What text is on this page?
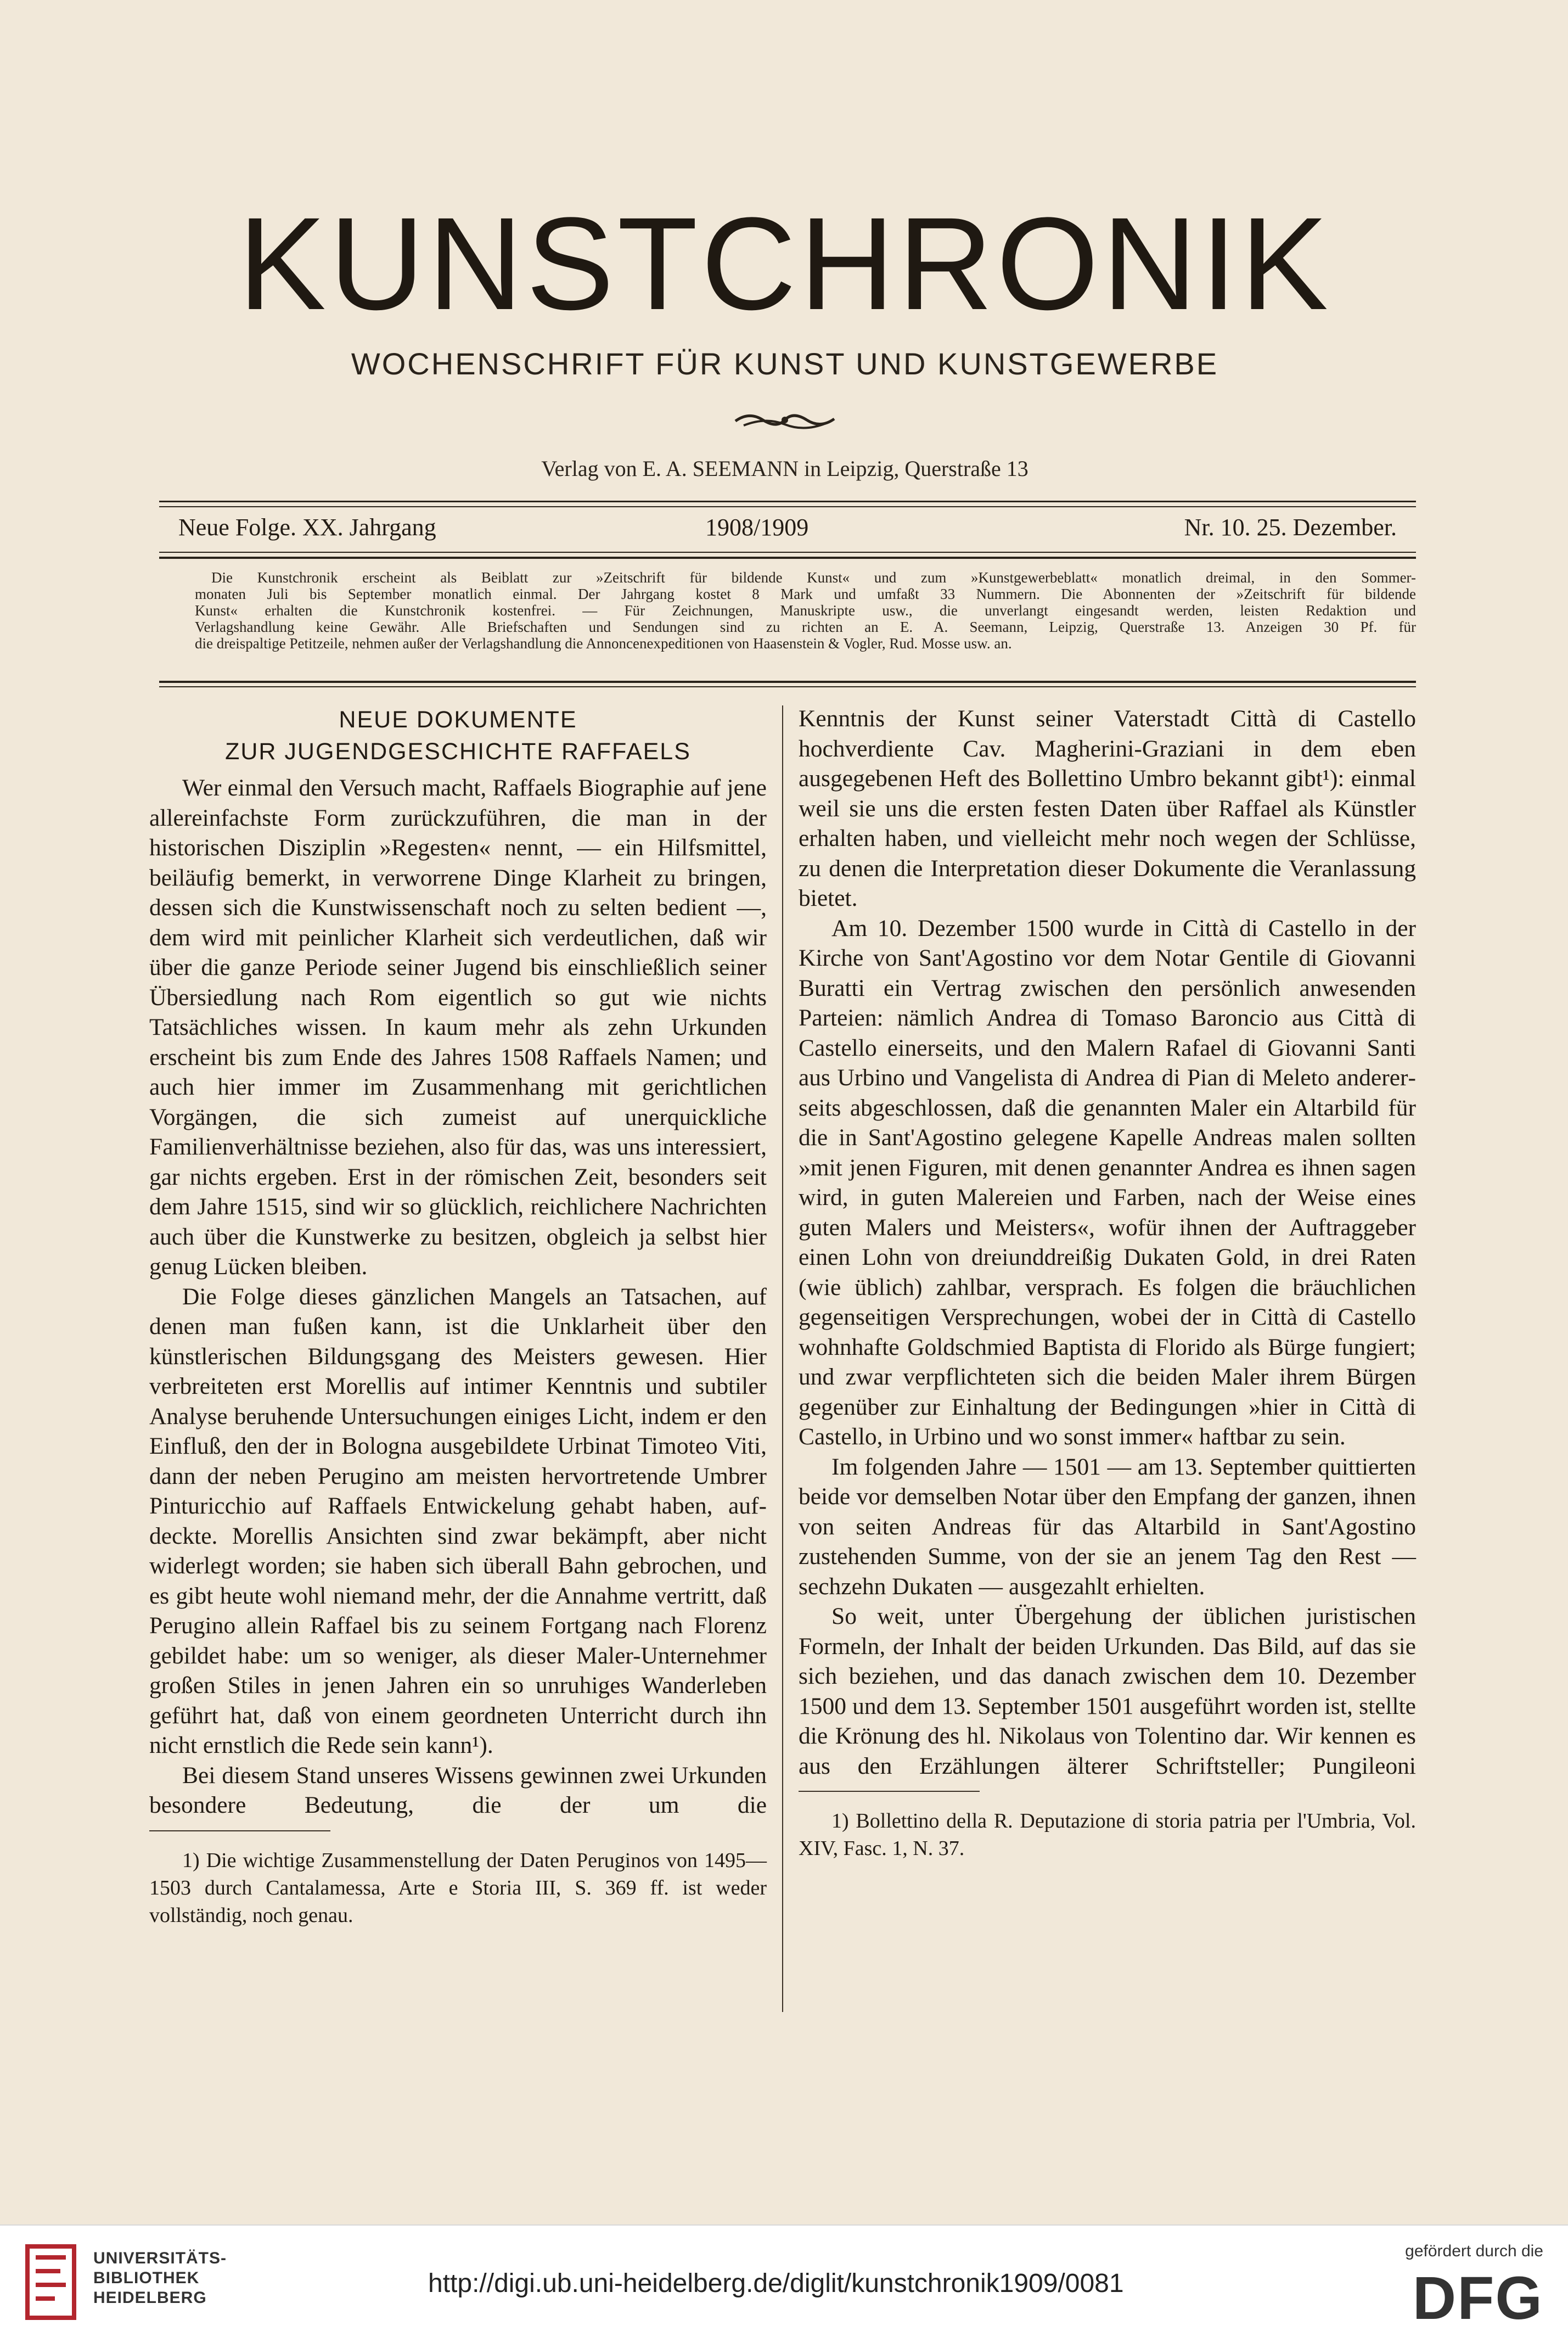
KUNSTCHRONIK
WOCHENSCHRIFT FÜR KUNST UND KUNSTGEWERBE
Verlag von E. A. SEEMANN in Leipzig, Querstraße 13
Neue Folge. XX. Jahrgang	1908/1909	Nr. 10. 25. Dezember.
Die Kunstchronik erscheint als Beiblatt zur »Zeitschrift für bildende Kunst« und zum »Kunstgewerbeblatt« monatlich dreimal, in den Sommer-
monaten Juli bis September monatlich einmal. Der Jahrgang kostet 8 Mark und umfaßt 33 Nummern. Die Abonnenten der »Zeitschrift für bildende
Kunst« erhalten die Kunstchronik kostenfrei. — Für Zeichnungen, Manuskripte usw., die unverlangt eingesandt werden, leisten Redaktion und
Verlagshandlung keine Gewähr. Alle Briefschaften und Sendungen sind zu richten an E. A. Seemann, Leipzig, Querstraße 13. Anzeigen 30 Pf. für
die dreispaltige Petitzeile, nehmen außer der Verlagshandlung die Annoncenexpeditionen von Haasenstein & Vogler, Rud. Mosse usw. an.
NEUE DOKUMENTE
ZUR JUGENDGESCHICHTE RAFFAELS

Wer einmal den Versuch macht, Raffaels Biographie auf jene allereinfachste Form zurückzuführen, die man in der historischen Disziplin »Regesten« nennt, — ein Hilfsmittel, beiläufig bemerkt, in verworrene Dinge Klarheit zu bringen, dessen sich die Kunstwissenschaft noch zu selten bedient —, dem wird mit peinlicher Klarheit sich verdeutlichen, daß wir über die ganze Periode seiner Jugend bis einschließlich seiner Übersiedlung nach Rom eigentlich so gut wie nichts Tatsächliches wissen. In kaum mehr als zehn Urkunden erscheint bis zum Ende des Jahres 1508 Raffaels Namen; und auch hier immer im Zusammenhang mit gerichtlichen Vorgängen, die sich zumeist auf unerquickliche Familienverhältnisse beziehen, also für das, was uns interessiert, gar nichts ergeben. Erst in der römischen Zeit, besonders seit dem Jahre 1515, sind wir so glücklich, reichlichere Nachrichten auch über die Kunstwerke zu besitzen, obgleich ja selbst hier genug Lücken bleiben.

Die Folge dieses gänzlichen Mangels an Tatsachen, auf denen man fußen kann, ist die Unklarheit über den künstlerischen Bildungsgang des Meisters gewesen. Hier verbreiteten erst Morellis auf intimer Kenntnis und subtiler Analyse beruhende Untersuchungen einiges Licht, indem er den Einfluß, den der in Bologna ausgebildete Urbinat Timoteo Viti, dann der neben Perugino am meisten hervortretende Umbrer Pinturicchio auf Raffaels Entwickelung gehabt haben, aufdeckte. Morellis Ansichten sind zwar bekämpft, aber nicht widerlegt worden; sie haben sich überall Bahn gebrochen, und es gibt heute wohl niemand mehr, der die Annahme vertritt, daß Perugino allein Raffael bis zu seinem Fortgang nach Florenz gebildet habe: um so weniger, als dieser Maler-Unternehmer großen Stiles in jenen Jahren ein so unruhiges Wanderleben geführt hat, daß von einem geordneten Unterricht durch ihn nicht ernstlich die Rede sein kann¹).

Bei diesem Stand unseres Wissens gewinnen zwei Urkunden besondere Bedeutung, die der um die

1) Die wichtige Zusammenstellung der Daten Peruginos von 1495—1503 durch Cantalamessa, Arte e Storia III, S. 369 ff. ist weder vollständig, noch genau.

Kenntnis der Kunst seiner Vaterstadt Città di Castello hochverdiente Cav. Magherini-Graziani in dem eben ausgegebenen Heft des Bollettino Umbro bekannt gibt¹): einmal weil sie uns die ersten festen Daten über Raffael als Künstler erhalten haben, und vielleicht mehr noch wegen der Schlüsse, zu denen die Interpretation dieser Dokumente die Veranlassung bietet.

Am 10. Dezember 1500 wurde in Città di Castello in der Kirche von Sant'Agostino vor dem Notar Gentile di Giovanni Buratti ein Vertrag zwischen den persönlich anwesenden Parteien: nämlich Andrea di Tomaso Baroncio aus Città di Castello einerseits, und den Malern Rafael di Giovanni Santi aus Urbino und Vangelista di Andrea di Pian di Meleto andererseits abgeschlossen, daß die genannten Maler ein Altarbild für die in Sant'Agostino gelegene Kapelle Andreas malen sollten »mit jenen Figuren, mit denen genannter Andrea es ihnen sagen wird, in guten Malereien und Farben, nach der Weise eines guten Malers und Meisters«, wofür ihnen der Auftraggeber einen Lohn von dreiunddreißig Dukaten Gold, in drei Raten (wie üblich) zahlbar, versprach. Es folgen die bräuchlichen gegenseitigen Versprechungen, wobei der in Città di Castello wohnhafte Goldschmied Baptista di Florido als Bürge fungiert; und zwar verpflichteten sich die beiden Maler ihrem Bürgen gegenüber zur Einhaltung der Bedingungen »hier in Città di Castello, in Urbino und wo sonst immer« haftbar zu sein.

Im folgenden Jahre — 1501 — am 13. September quittierten beide vor demselben Notar über den Empfang der ganzen, ihnen von seiten Andreas für das Altarbild in Sant'Agostino zustehenden Summe, von der sie an jenem Tag den Rest — sechzehn Dukaten — ausgezahlt erhielten.

So weit, unter Übergehung der üblichen juristischen Formeln, der Inhalt der beiden Urkunden. Das Bild, auf das sie sich beziehen, und das danach zwischen dem 10. Dezember 1500 und dem 13. September 1501 ausgeführt worden ist, stellte die Krönung des hl. Nikolaus von Tolentino dar. Wir kennen es aus den Erzählungen älterer Schriftsteller; Pungileoni

1) Bollettino della R. Deputazione di storia patria per l'Umbria, Vol. XIV, Fasc. 1, N. 37.

UNIVERSITÄTS-
BIBLIOTHEK
HEIDELBERG	http://digi.ub.uni-heidelberg.de/diglit/kunstchronik1909/0081
gefördert durch die
DFG
